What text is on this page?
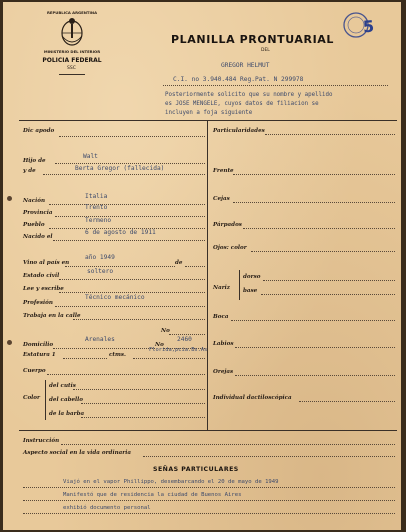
REPUBLICA ARGENTINA
MINISTERIO DEL INTERIOR
POLICIA FEDERAL
SSC
PLANILLA PRONTUARIAL
DEL
5
GREGOR HELMUT
C.I. no 3.940.484 Reg.Pat. N 299978
Posteriormente solicito que su nombre y apellido
es JOSE MENGELE, cuyos datos de filiacion se
incluyen a foja siguiente
Dic apodo
Hijo de
Walt
y de	Berta Gregor (fallecida)
Nación
Italia
Provincia
Trento
Pueblo
Termeno
Nacido el
6 de agosto de 1911
Vino al país en
año 1949
de
Estado civil
soltero
Lee y escribe
Profesión
Técnico mecánico
Trabaja en la calle
No
Domicilio
Arenales
No
2460
Estatura 1	ctms.
Florida,pcia.Bs.As
Cuerpo
Color
del cutis
del cabello
de la barba
Particularidades
Frente
Cejas
Párpados
Ojos: color
Nariz
dorso
base
Boca
Labios
Orejas
Individual dactiloscópica
Instrucción
Aspecto social en la vida ordinaria
SEÑAS PARTICULARES
Viajó en el vapor Phillippo, desembarcando el 20 de mayo de 1949
Manifestó que de residencia la ciudad de Buenos Aires
exhibió documento personal
